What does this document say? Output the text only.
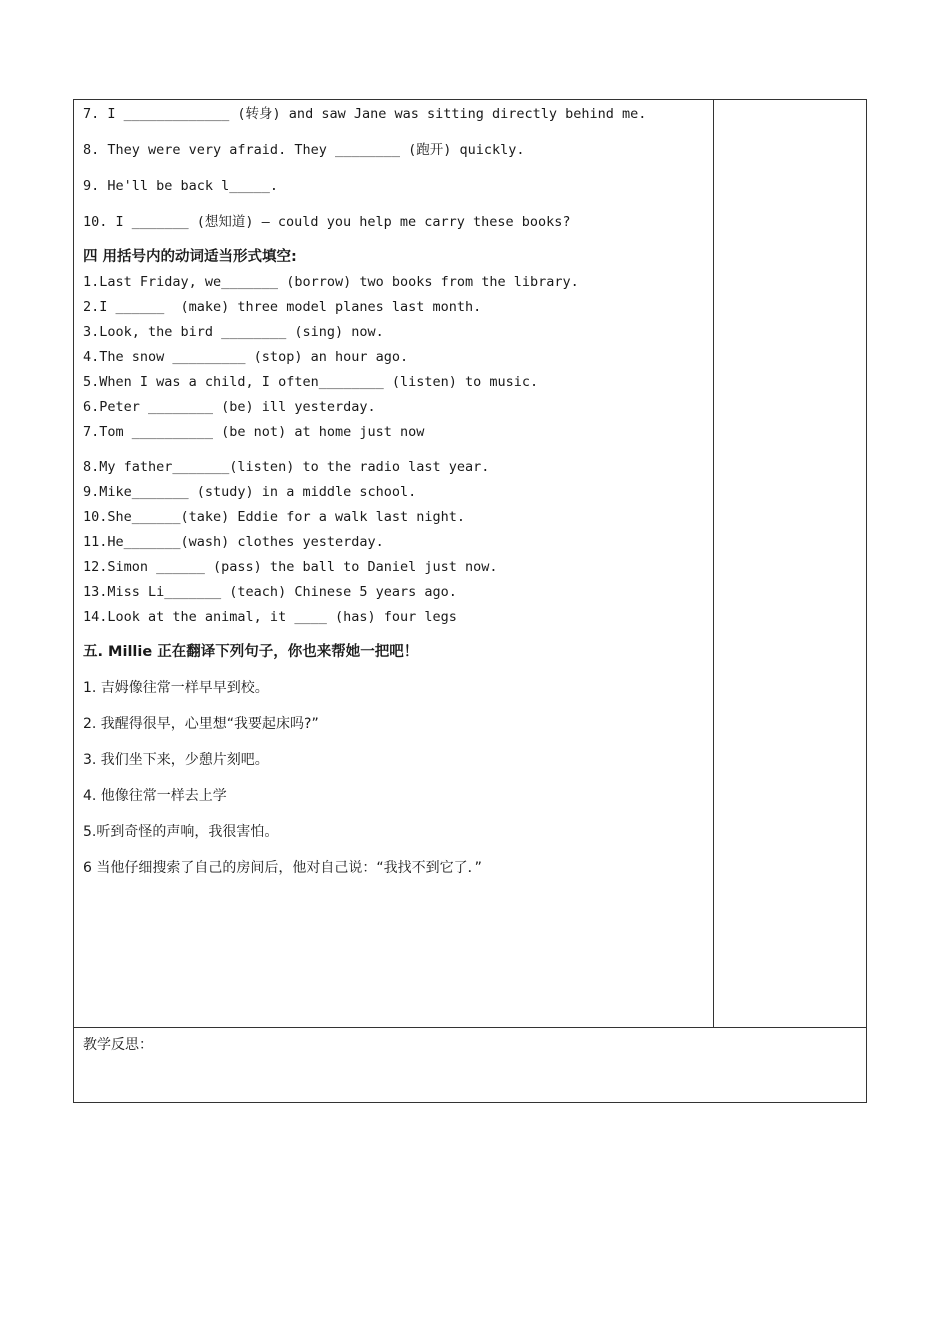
7. I _____________ (转身) and saw Jane was sitting directly behind me.
8. They were very afraid. They ________ (跑开) quickly.
9. He'll be back l_____.
10. I _______ (想知道) — could you help me carry these books?
四 用括号内的动词适当形式填空:
1.Last Friday, we_______ (borrow) two books from the library.
2.I ______  (make) three model planes last month.
3.Look, the bird ________ (sing) now.
4.The snow _________ (stop) an hour ago.
5.When I was a child, I often________ (listen) to music.
6.Peter ________ (be) ill yesterday.
7.Tom __________ (be not) at home just now
8.My father_______(listen) to the radio last year.
9.Mike_______ (study) in a middle school.
10.She______(take) Eddie for a walk last night.
11.He_______(wash) clothes yesterday.
12.Simon ______ (pass) the ball to Daniel just now.
13.Miss Li_______ (teach) Chinese 5 years ago.
14.Look at the animal, it ____ (has) four legs
五. Millie 正在翻译下列句子，你也来帮她一把吧！
1. 吉姆像往常一样早早到校。
2. 我醒得很早，心里想“我要起床吗?”
3. 我们坐下来，少憩片刻吧。
4. 他像往常一样去上学
5.听到奇怪的声响，我很害怕。
6 当他仔细搜索了自己的房间后，他对自己说：“我找不到它了．”
教学反思：
